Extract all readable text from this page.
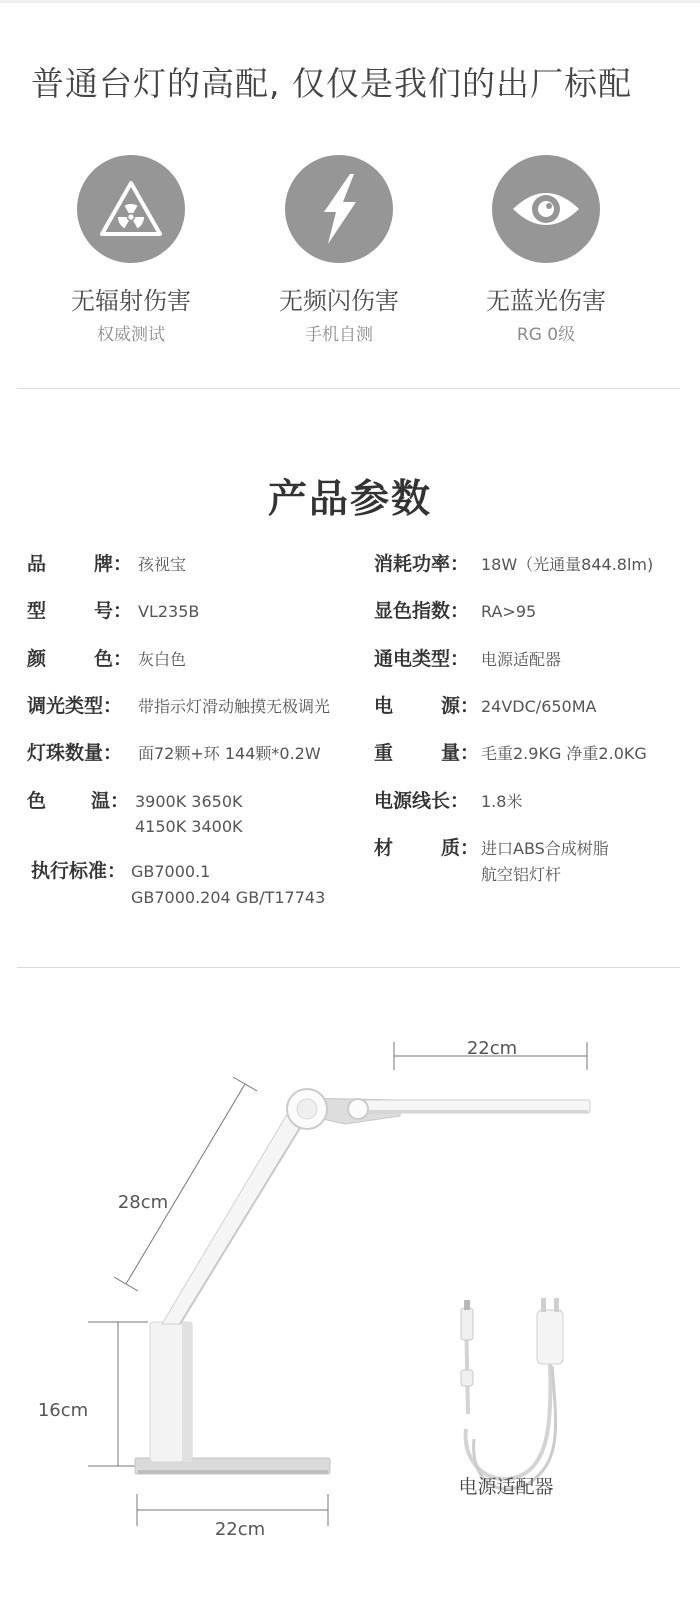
普通台灯的高配, 仅仅是我们的出厂标配
无辐射伤害
权威测试
无频闪伤害
手机自测
无蓝光伤害
RG 0级
产品参数
品	牌： 孩视宝
型	号： VL235B
颜	色： 灰白色
调光类型： 带指示灯滑动触摸无极调光
灯珠数量： 面72颗+环 144颗*0.2W
色 温： 3900K 3650K
4150K 3400K
执行标准： GB7000.1
GB7000.204 GB/T17743
消耗功率： 18W（光通量844.8lm)
显色指数： RA>95
通电类型： 电源适配器
电	源： 24VDC/650MA
重	量： 毛重2.9KG 净重2.0KG
电源线长： 1.8米
材	质： 进口ABS合成树脂
航空铝灯杆
22cm
28cm
16cm
22cm
电源适配器
